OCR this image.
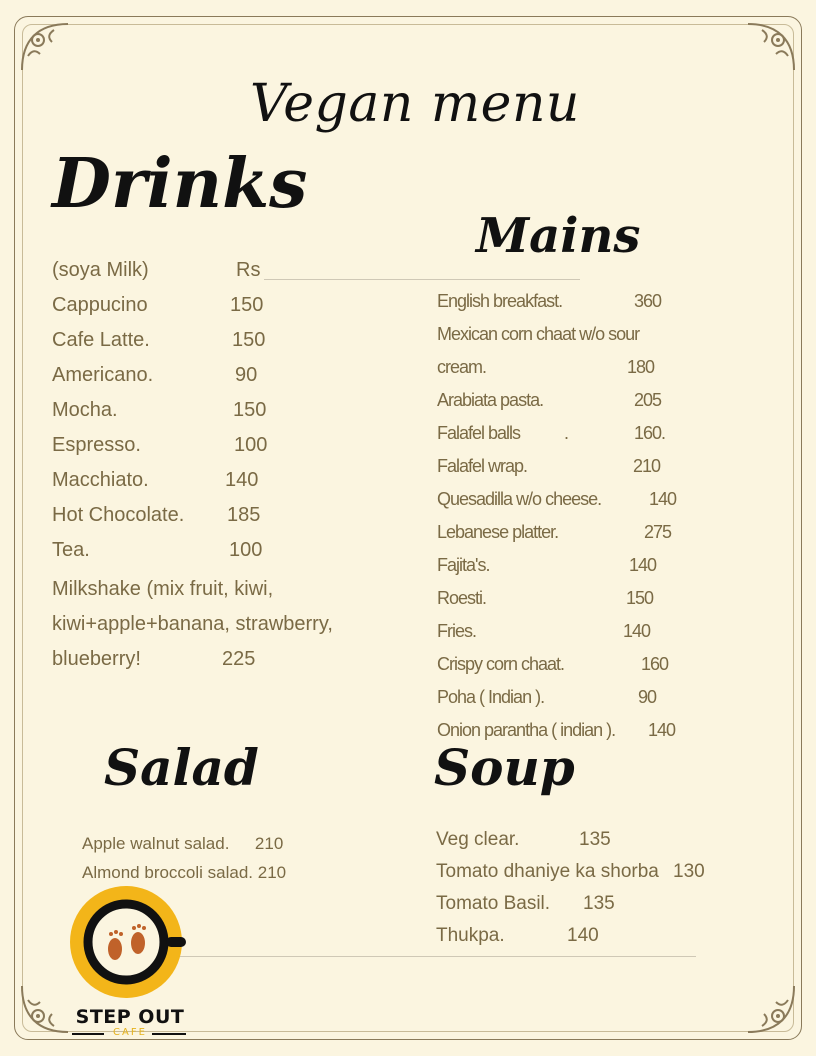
Vegan menu
Drinks
Mains
Salad	Soup
(soya Milk)	Rs
Cappucino	150
Cafe Latte.	150
Americano.	90
Mocha.	150
Espresso.	100
Macchiato.	140
Hot Chocolate. 185
Tea.	100
Milkshake (mix fruit, kiwi,
kiwi+apple+banana, strawberry,
blueberry!	225
English breakfast.	360
Mexican corn chaat w/o sour
cream.	180
Arabiata pasta.	205
Falafel balls           .	160.
Falafel wrap.	210
Quesadilla w/o cheese.	140
Lebanese platter.	275
Fajita's.	140
Roesti.	150
Fries.	140
Crispy corn chaat.	160
Poha ( Indian ).	90
Onion parantha ( indian ). 140
Apple walnut salad. 210
Almond broccoli salad. 210
Veg clear.	135
Tomato dhaniye ka shorba 130
Tomato Basil. 135
Thukpa.	140
STEP OUT
CAFE
